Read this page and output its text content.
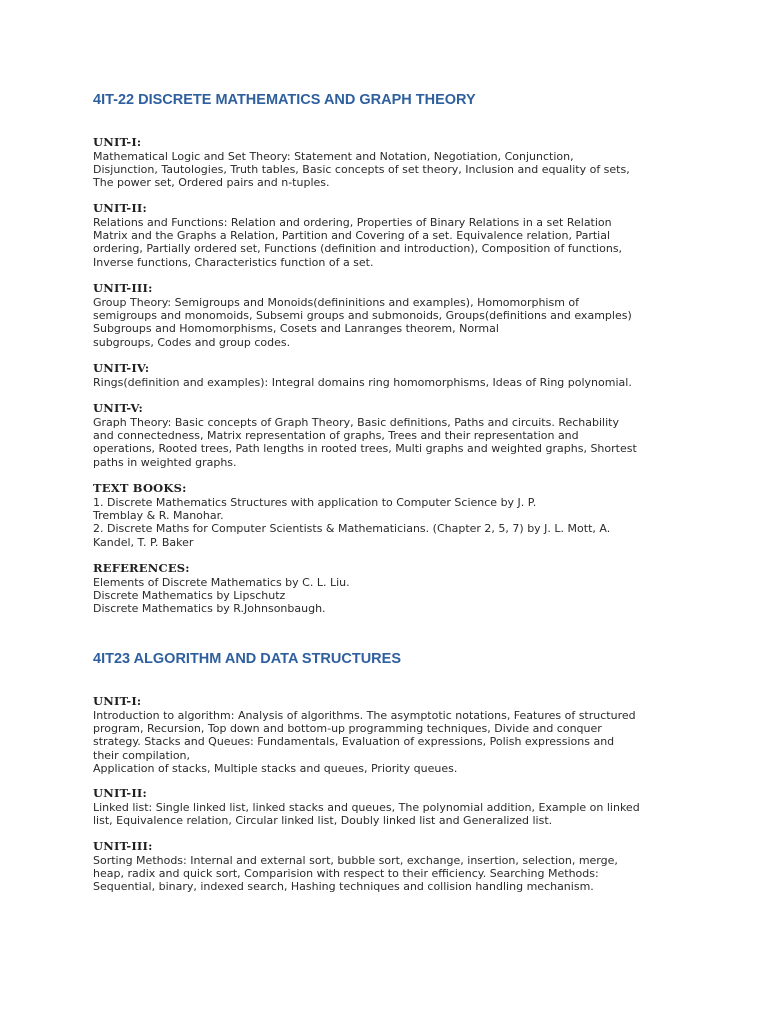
4IT-22 DISCRETE MATHEMATICS AND GRAPH THEORY
UNIT-I:
Mathematical Logic and Set Theory: Statement and Notation, Negotiation, Conjunction,
Disjunction, Tautologies, Truth tables, Basic concepts of set theory, Inclusion and equality of sets,
The power set, Ordered pairs and n-tuples.
UNIT-II:
Relations and Functions: Relation and ordering, Properties of Binary Relations in a set Relation
Matrix and the Graphs a Relation, Partition and Covering of a set. Equivalence relation, Partial
ordering, Partially ordered set, Functions (definition and introduction), Composition of functions,
Inverse functions, Characteristics function of a set.
UNIT-III:
Group Theory: Semigroups and Monoids(defininitions and examples), Homomorphism of
semigroups and monomoids, Subsemi groups and submonoids, Groups(definitions and examples)
Subgroups and Homomorphisms, Cosets and Lanranges theorem, Normal
subgroups, Codes and group codes.
UNIT-IV:
Rings(definition and examples): Integral domains ring homomorphisms, Ideas of Ring polynomial.
UNIT-V:
Graph Theory: Basic concepts of Graph Theory, Basic definitions, Paths and circuits. Rechability
and connectedness, Matrix representation of graphs, Trees and their representation and
operations, Rooted trees, Path lengths in rooted trees, Multi graphs and weighted graphs, Shortest
paths in weighted graphs.
TEXT BOOKS:
1. Discrete Mathematics Structures with application to Computer Science by J. P.
Tremblay & R. Manohar.
2. Discrete Maths for Computer Scientists & Mathematicians. (Chapter 2, 5, 7) by J. L. Mott, A.
Kandel, T. P. Baker
REFERENCES:
Elements of Discrete Mathematics by C. L. Liu.
Discrete Mathematics by Lipschutz
Discrete Mathematics by R.Johnsonbaugh.
4IT23 ALGORITHM AND DATA STRUCTURES
UNIT-I:
Introduction to algorithm: Analysis of algorithms. The asymptotic notations, Features of structured
program, Recursion, Top down and bottom-up programming techniques, Divide and conquer
strategy. Stacks and Queues: Fundamentals, Evaluation of expressions, Polish expressions and
their compilation,
Application of stacks, Multiple stacks and queues, Priority queues.
UNIT-II:
Linked list: Single linked list, linked stacks and queues, The polynomial addition, Example on linked
list, Equivalence relation, Circular linked list, Doubly linked list and Generalized list.
UNIT-III:
Sorting Methods: Internal and external sort, bubble sort, exchange, insertion, selection, merge,
heap, radix and quick sort, Comparision with respect to their efficiency. Searching Methods:
Sequential, binary, indexed search, Hashing techniques and collision handling mechanism.
